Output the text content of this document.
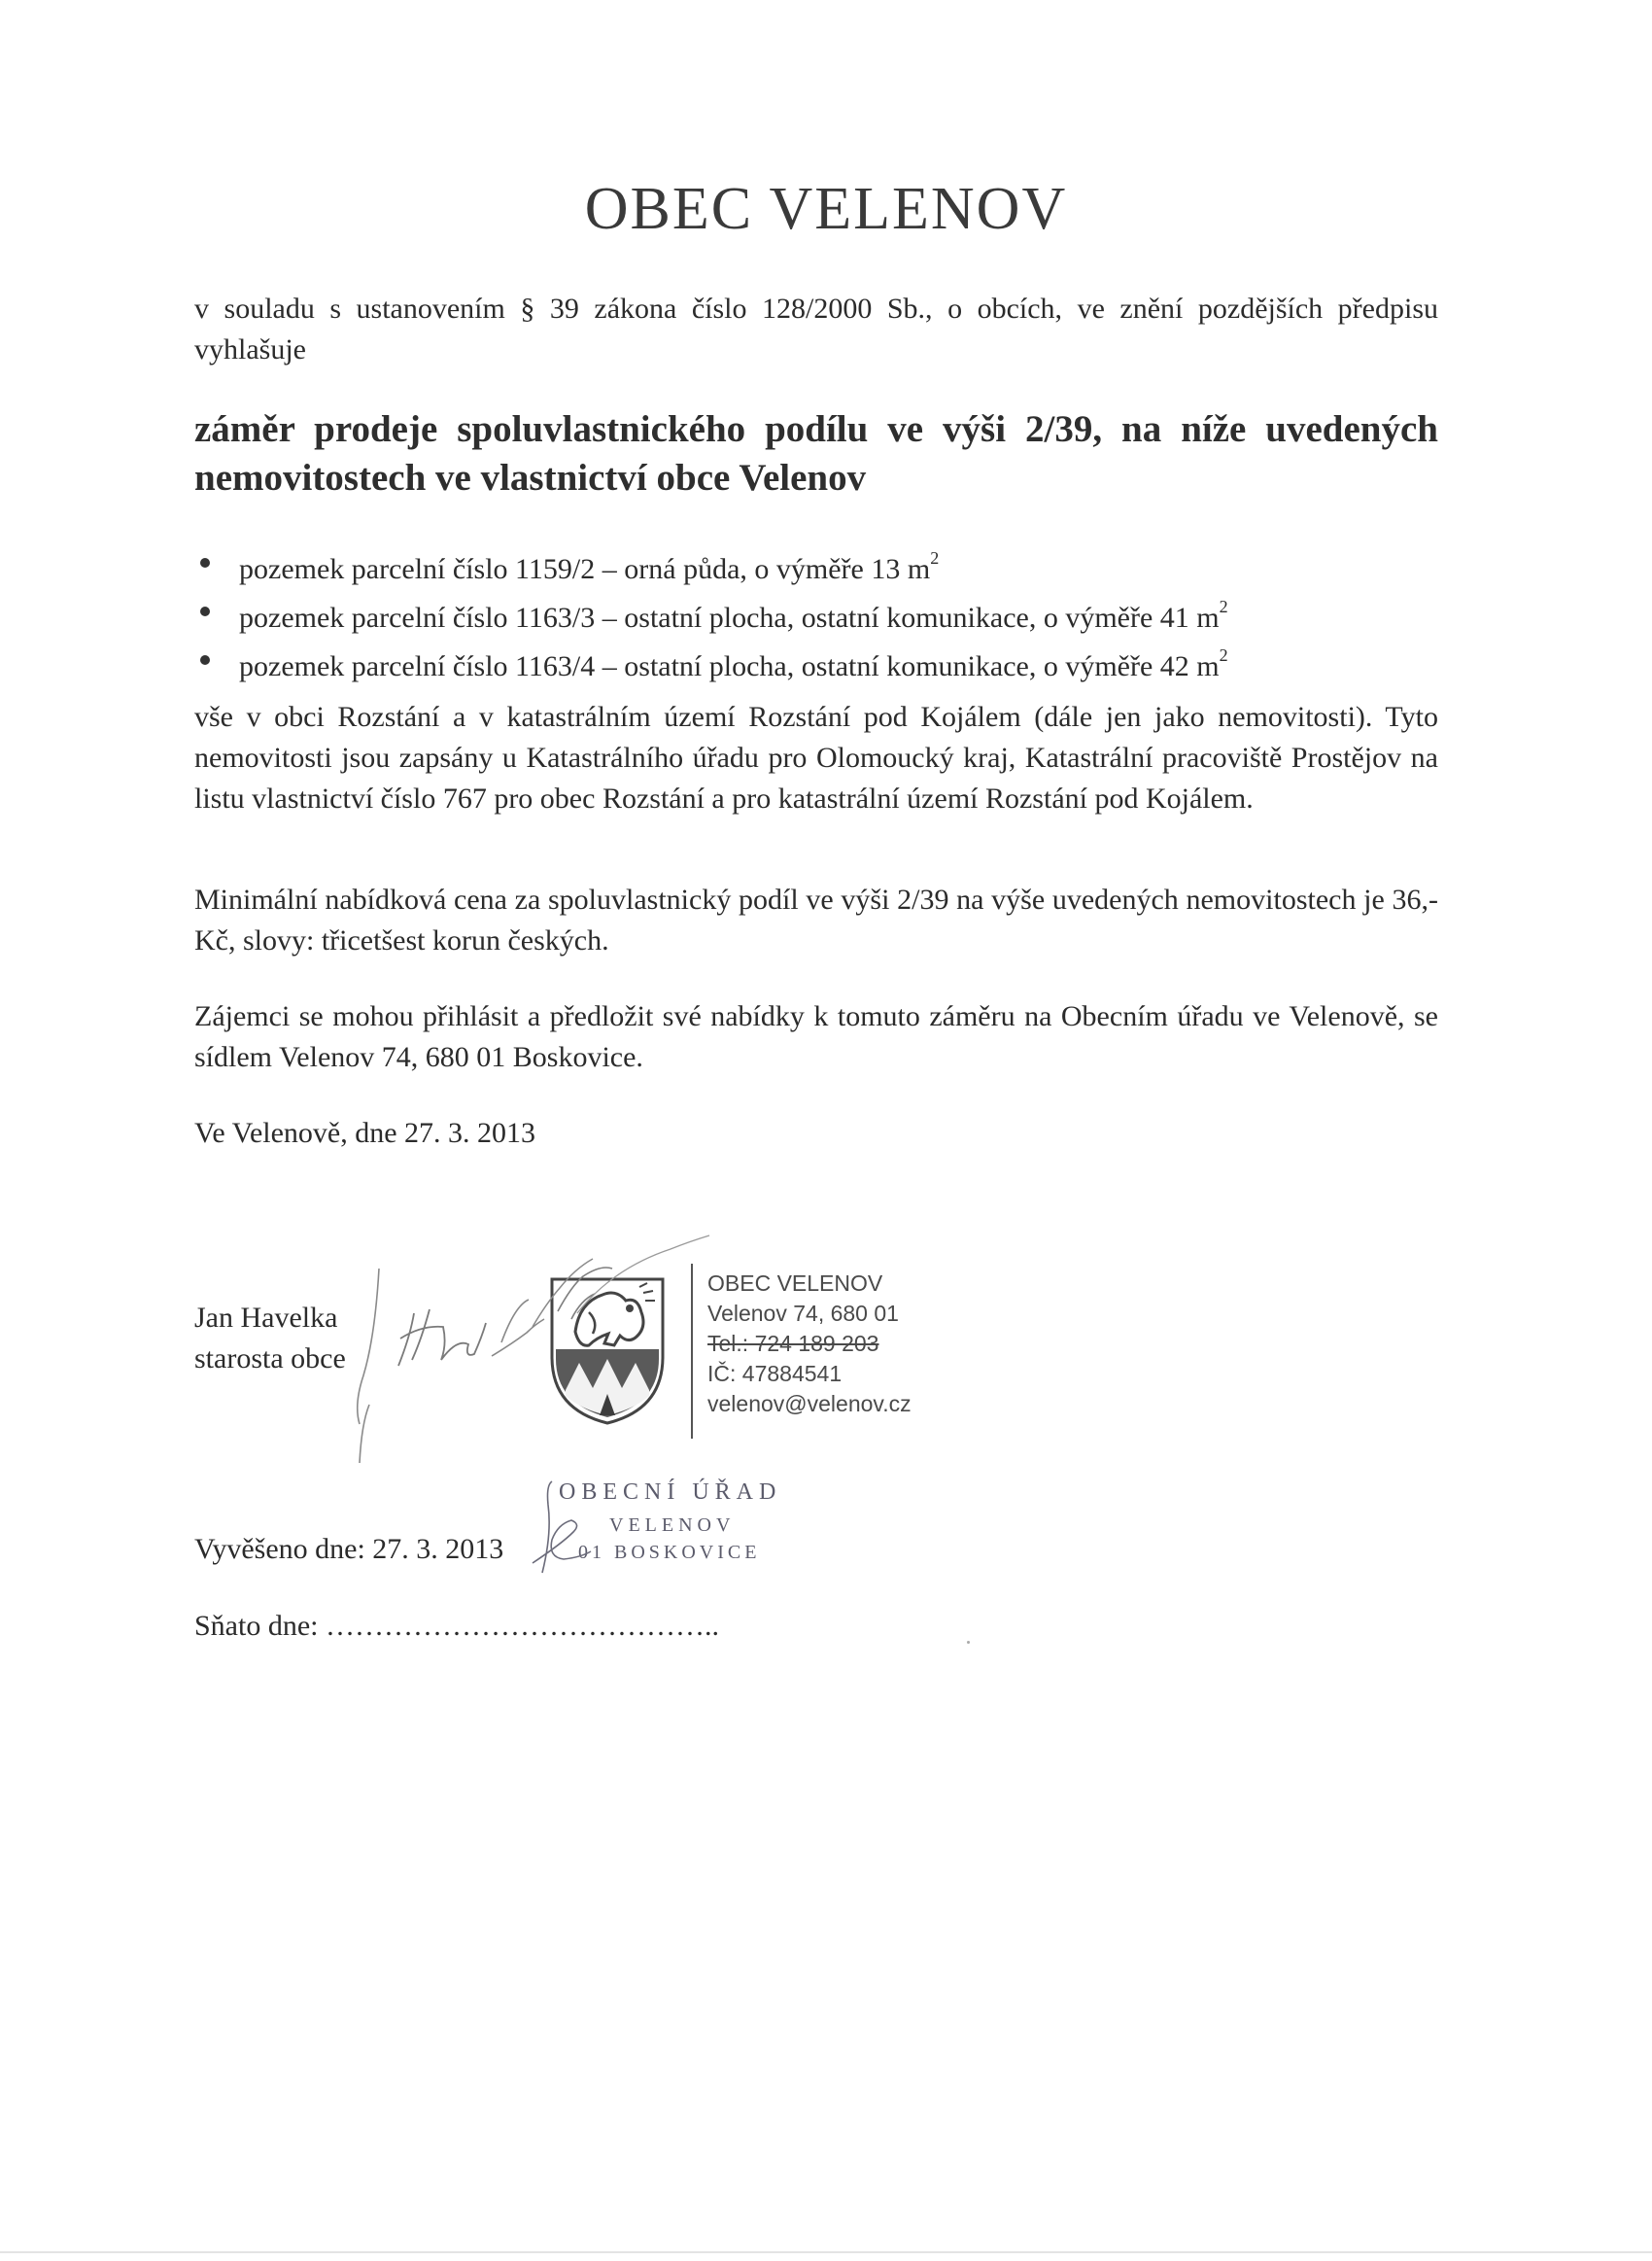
OBEC VELENOV

v souladu s ustanovením § 39 zákona číslo 128/2000 Sb., o obcích, ve znění pozdějších předpisu vyhlašuje

záměr prodeje spoluvlastnického podílu ve výši 2/39, na níže uvedených nemovitostech ve vlastnictví obce Velenov

pozemek parcelní číslo 1159/2 – orná půda, o výměře 13 $m^2$
pozemek parcelní číslo 1163/3 – ostatní plocha, ostatní komunikace, o výměře 41 $m^2$
pozemek parcelní číslo 1163/4 – ostatní plocha, ostatní komunikace, o výměře 42 $m^2$

vše v obci Rozstání a v katastrálním území Rozstání pod Kojálem (dále jen jako nemovitosti). Tyto nemovitosti jsou zapsány u Katastrálního úřadu pro Olomoucký kraj, Katastrální pracoviště Prostějov na listu vlastnictví číslo 767 pro obec Rozstání a pro katastrální území Rozstání pod Kojálem.

Minimální nabídková cena za spoluvlastnický podíl ve výši 2/39 na výše uvedených nemovitostech je 36,- Kč, slovy: třicetšest korun českých.

Zájemci se mohou přihlásit a předložit své nabídky k tomuto záměru na Obecním úřadu ve Velenově, se sídlem Velenov 74, 680 01 Boskovice.

Ve Velenově, dne 27. 3. 2013

Jan Havelka
starosta obce
OBEC VELENOV
Velenov 74, 680 01
Tel.: 724 189 203
IČ: 47884541
velenov@velenov.cz
OBECNÍ ÚŘAD
VELENOV
01 BOSKOVICE
Vyvěšeno dne: 27. 3. 2013
Sňato dne: …………………………………..
